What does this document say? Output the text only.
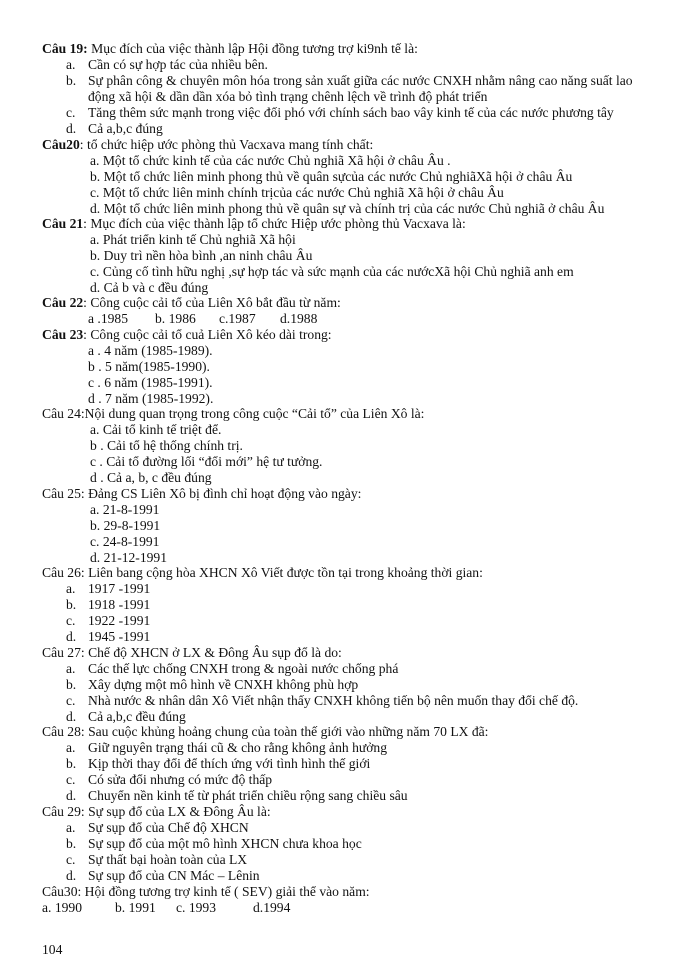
Câu 19: Mục đích của việc thành lập Hội đồng tương trợ ki9nh tế là:
a. Cần có sự hợp tác của nhiều bên.
b. Sự phân công & chuyên môn hóa trong sản xuất giữa các nước CNXH nhằm nâng cao năng suất lao
động xã hội & dần dần xóa bỏ tình trạng chênh lệch về trình độ phát triển
c. Tăng thêm sức mạnh trong việc đối phó với chính sách bao vây kinh tế của các nước phương tây
d. Cả a,b,c đúng
Câu20: tổ chức hiệp ước phòng thủ Vacxava mang tính chất:
a. Một tổ chức kinh tế của các nước Chủ nghiã Xã hội ở châu Âu .
b. Một tổ chức liên minh phong thủ về quân sựcủa các nước Chủ nghiãXã hội ở châu Âu
c. Một tổ chức liên minh chính trịcủa các nước Chủ nghiã Xã hội ở châu Âu
d. Một tổ chức liên minh phong thủ về quân sự và chính trị của các nước Chủ nghiã ở châu Âu
Câu 21: Mục đích của việc thành lập tổ chức Hiệp ước phòng thủ Vacxava là:
a. Phát triển kinh tế Chủ nghiã Xã hội
b. Duy trì nền hòa bình ,an ninh châu Âu
c. Củng cố tình hữu nghị ,sự hợp tác và sức mạnh của các nướcXã hội Chủ nghiã anh em
d. Cả b và c đều đúng
Câu 22: Công cuộc cải tổ của Liên Xô bắt đầu từ năm:
a .1985 b. 1986 c.1987 d.1988
Câu 23: Công cuộc cải tổ cuả Liên Xô kéo dài trong:
a . 4 năm (1985-1989).
b . 5 năm(1985-1990).
c . 6 năm (1985-1991).
d . 7 năm (1985-1992).
Câu 24:Nội dung quan trọng trong công cuộc “Cải tổ” của Liên Xô là:
a. Cải tổ kinh tế triệt để.
b . Cải tổ hệ thống chính trị.
c . Cải tổ đường lối “đổi mới” hệ tư tưởng.
d . Cả a, b, c đều đúng
Câu 25: Đảng CS Liên Xô bị đình chỉ hoạt động vào ngày:
a. 21-8-1991
b. 29-8-1991
c. 24-8-1991
d. 21-12-1991
Câu 26: Liên bang cộng hòa XHCN Xô Viết được tồn tại trong khoảng thời gian:
a. 1917 -1991
b. 1918 -1991
c. 1922 -1991
d. 1945 -1991
Câu 27: Chế độ XHCN ở LX & Đông Âu sụp đổ là do:
a. Các thế lực chống CNXH trong & ngoài nước chống phá
b. Xây dựng một mô hình về CNXH không phù hợp
c. Nhà nước & nhân dân Xô Viết nhận thấy CNXH không tiến bộ nên muốn thay đổi chế độ.
d. Cả a,b,c đều đúng
Câu 28: Sau cuộc khủng hoảng chung của toàn thế giới vào những năm 70 LX đã:
a. Giữ nguyên trạng thái cũ & cho rằng không ảnh hưởng
b. Kịp thời thay đổi để thích ứng với tình hình thế giới
c. Có sửa đổi nhưng có mức độ thấp
d. Chuyển nền kinh tế từ phát triển chiều rộng sang chiều sâu
Câu 29: Sự sụp đổ của LX & Đông Âu là:
a. Sự sụp đổ của Chế độ XHCN
b. Sự sụp đổ của một mô hình XHCN chưa khoa học
c. Sự thất bại hoàn toàn của LX
d. Sự sụp đổ của CN Mác – Lênin
Câu30: Hội đồng tương trợ kinh tế ( SEV) giải thể vào năm:
a. 1990 b. 1991 c. 1993	d.1994
104
